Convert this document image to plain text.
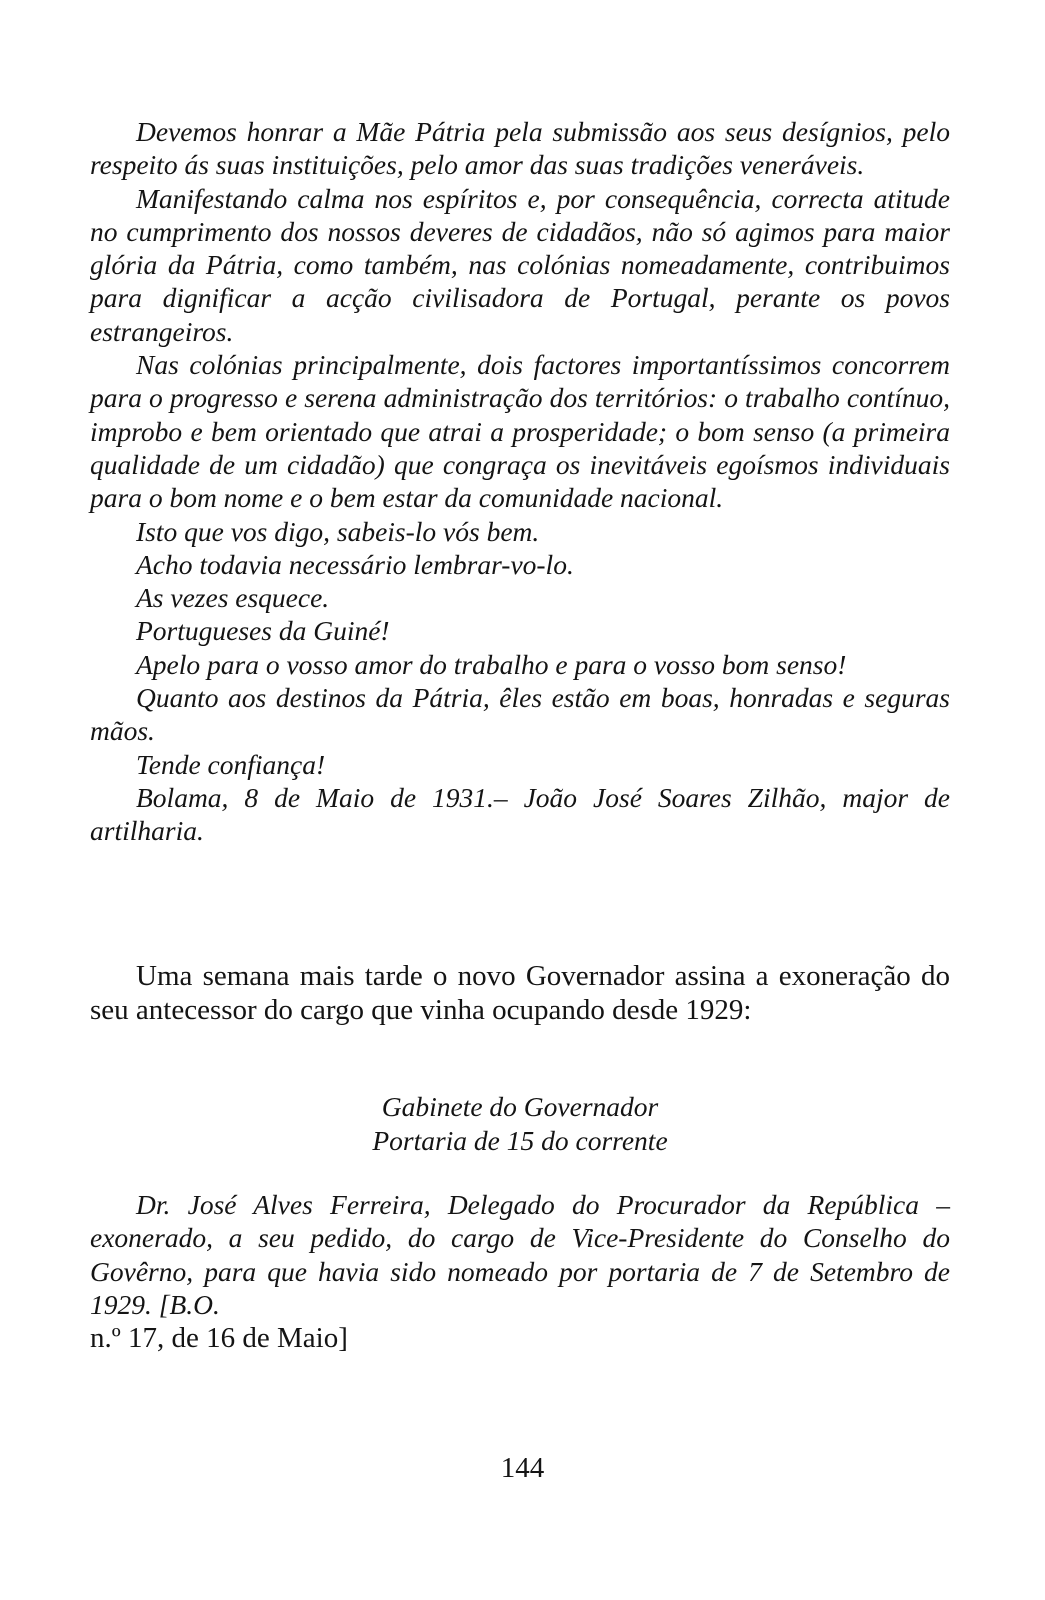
Devemos honrar a Mãe Pátria pela submissão aos seus desígnios, pelo respeito ás suas instituições, pelo amor das suas tradições veneráveis.

Manifestando calma nos espíritos e, por consequência, correcta atitude no cumprimento dos nossos deveres de cidadãos, não só agimos para maior glória da Pátria, como também, nas colónias nomeadamente, contribuimos para dignificar a acção civilisadora de Portugal, perante os povos estrangeiros.

Nas colónias principalmente, dois factores importantíssimos concorrem para o progresso e serena administração dos territórios: o trabalho contínuo, improbo e bem orientado que atrai a prosperidade; o bom senso (a primeira qualidade de um cidadão) que congraça os inevitáveis egoísmos individuais para o bom nome e o bem estar da comunidade nacional.

Isto que vos digo, sabeis-lo vós bem.

Acho todavia necessário lembrar-vo-lo.

As vezes esquece.

Portugueses da Guiné!

Apelo para o vosso amor do trabalho e para o vosso bom senso!

Quanto aos destinos da Pátria, êles estão em boas, honradas e seguras mãos.

Tende confiança!

Bolama, 8 de Maio de 1931.– João José Soares Zilhão, major de artilharia.

Uma semana mais tarde o novo Governador assina a exoneração do seu antecessor do cargo que vinha ocupando desde 1929:

Gabinete do Governador
Portaria de 15 do corrente

Dr. José Alves Ferreira, Delegado do Procurador da República – exonerado, a seu pedido, do cargo de Vice-Presidente do Conselho do Govêrno, para que havia sido nomeado por portaria de 7 de Setembro de 1929. [B.O.
n.º 17, de 16 de Maio]

144
